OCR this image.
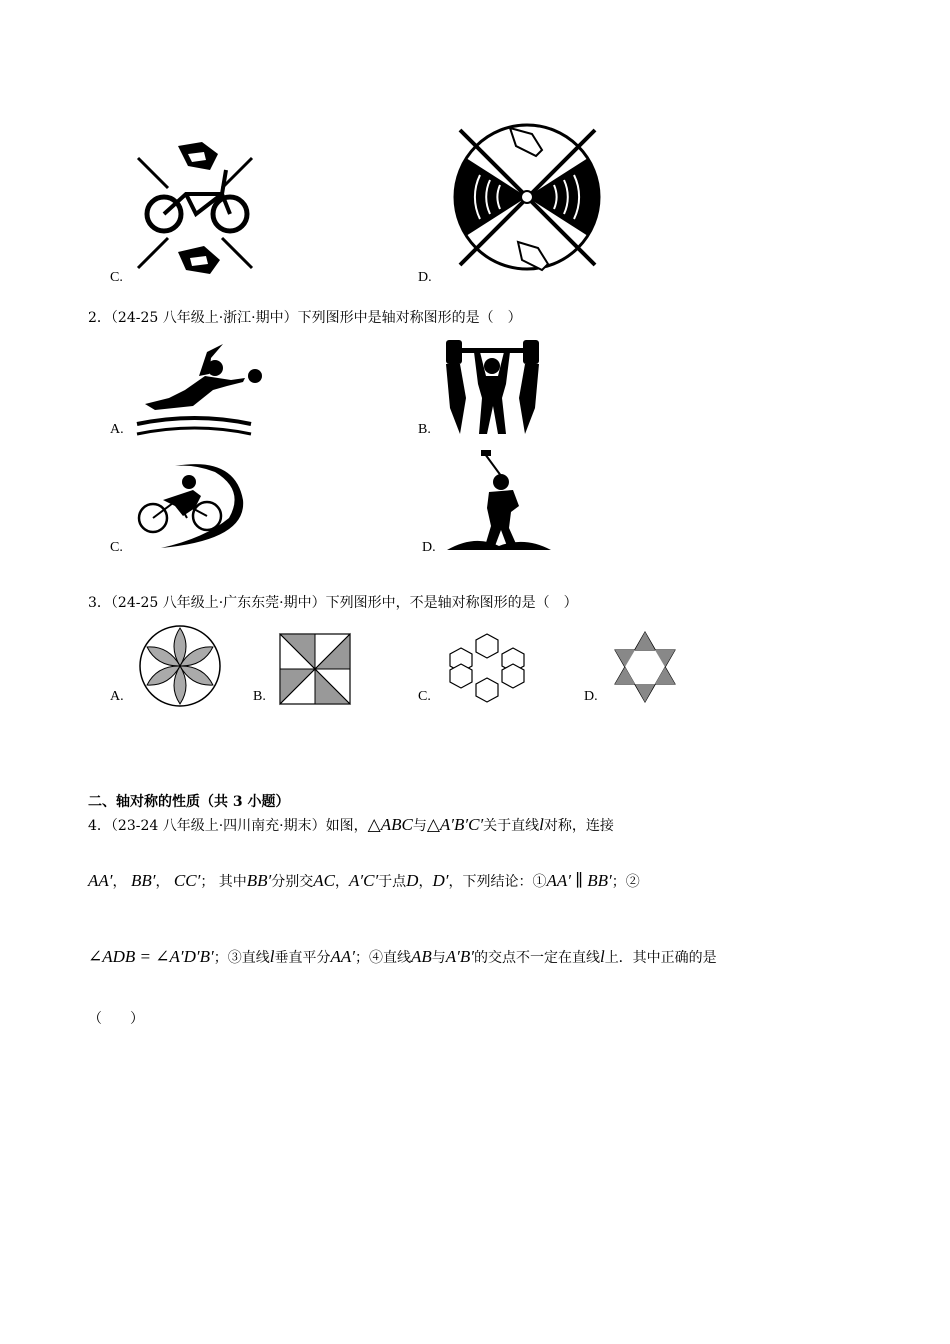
C.	D.
2．（24-25 八年级上·浙江·期中）下列图形中是轴对称图形的是（　）
A.	B.
C.	D.
3．（24-25 八年级上·广东东莞·期中）下列图形中，不是轴对称图形的是（　）
A.	B.	C.	D.
二、轴对称的性质（共 3 小题）
4．（23-24 八年级上·四川南充·期末）如图，△ABC与△A′B′C′关于直线l对称，连接
AA′， BB′， CC′； 其中BB′分别交AC，A′C′于点D，D′，下列结论：①AA′ ∥ BB′；②
∠ADB = ∠A′D′B′；③直线l垂直平分AA′；④直线AB与A′B′的交点不一定在直线l上．其中正确的是
（　　）
